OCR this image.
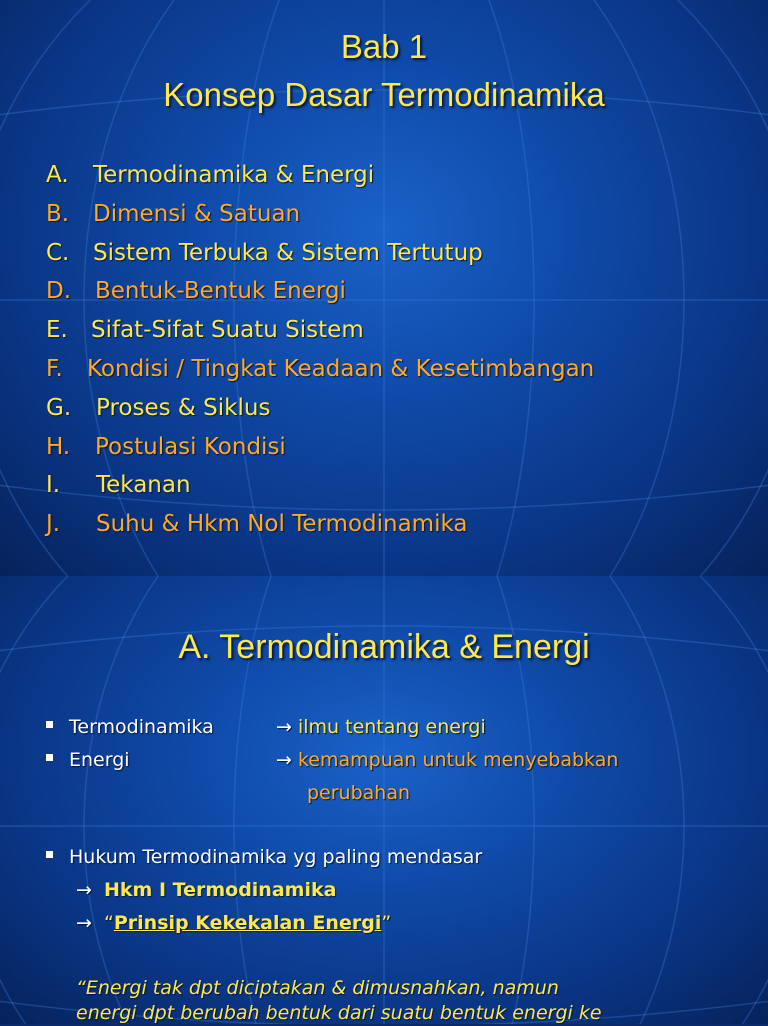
Bab 1
Konsep Dasar Termodinamika
A. Termodinamika & Energi
B. Dimensi & Satuan
C. Sistem Terbuka & Sistem Tertutup
D. Bentuk-Bentuk Energi
E. Sifat-Sifat Suatu Sistem
F. Kondisi / Tingkat Keadaan & Kesetimbangan
G. Proses & Siklus
H. Postulasi Kondisi
I. Tekanan
J. Suhu & Hkm Nol Termodinamika
A. Termodinamika & Energi
Termodinamika	→ ilmu tentang energi
Energi	→ kemampuan untuk menyebabkan
perubahan
Hukum Termodinamika yg paling mendasar
→ Hkm I Termodinamika
→ “Prinsip Kekekalan Energi”
“Energi tak dpt diciptakan & dimusnahkan, namun
energi dpt berubah bentuk dari suatu bentuk energi ke
